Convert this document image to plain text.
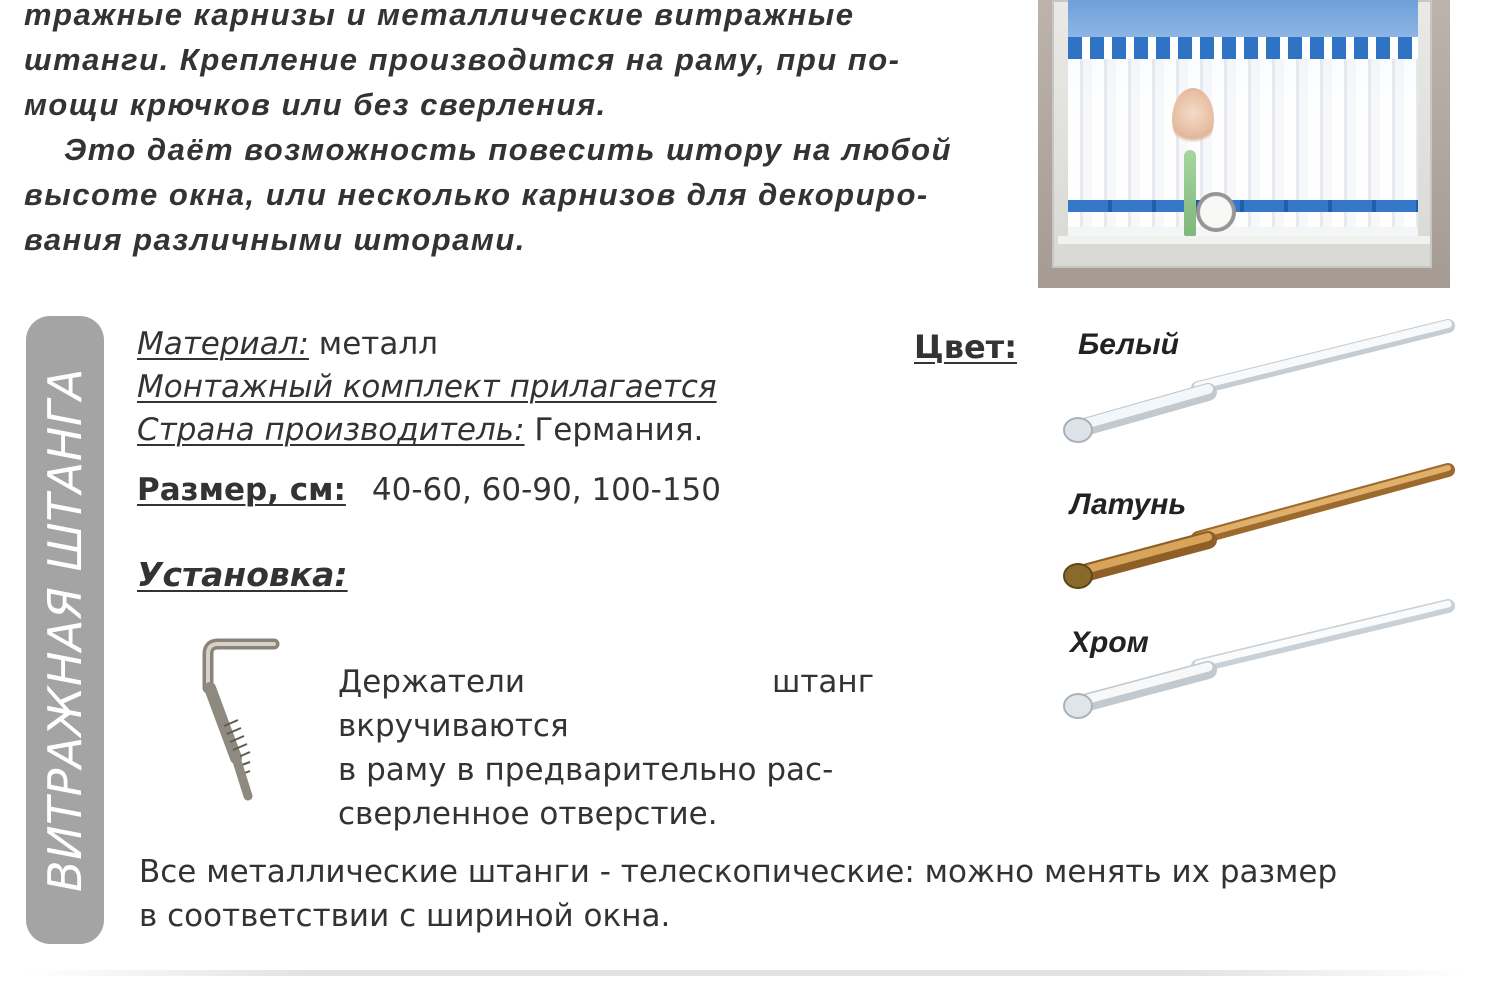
тражные карнизы и металлические витражные

штанги. Крепление производится на раму, при по-

мощи крючков или без сверления.

Это даёт возможность повесить штору на любой

высоте окна, или несколько карнизов для декориро-

вания различными шторами.

ВИТРАЖНАЯ ШТАНГА
Материал: металл
Монтажный комплект прилагается
Страна производитель: Германия.
Размер, см: 40-60, 60-90, 100-150
Установка:

Держатели штанг вкручиваются

в раму в предварительно рас-

сверленное отверстие.

Цвет: Белый
Латунь
Хром
Все металлические штанги - телескопические: можно менять их размер
в соответствии с шириной окна.
